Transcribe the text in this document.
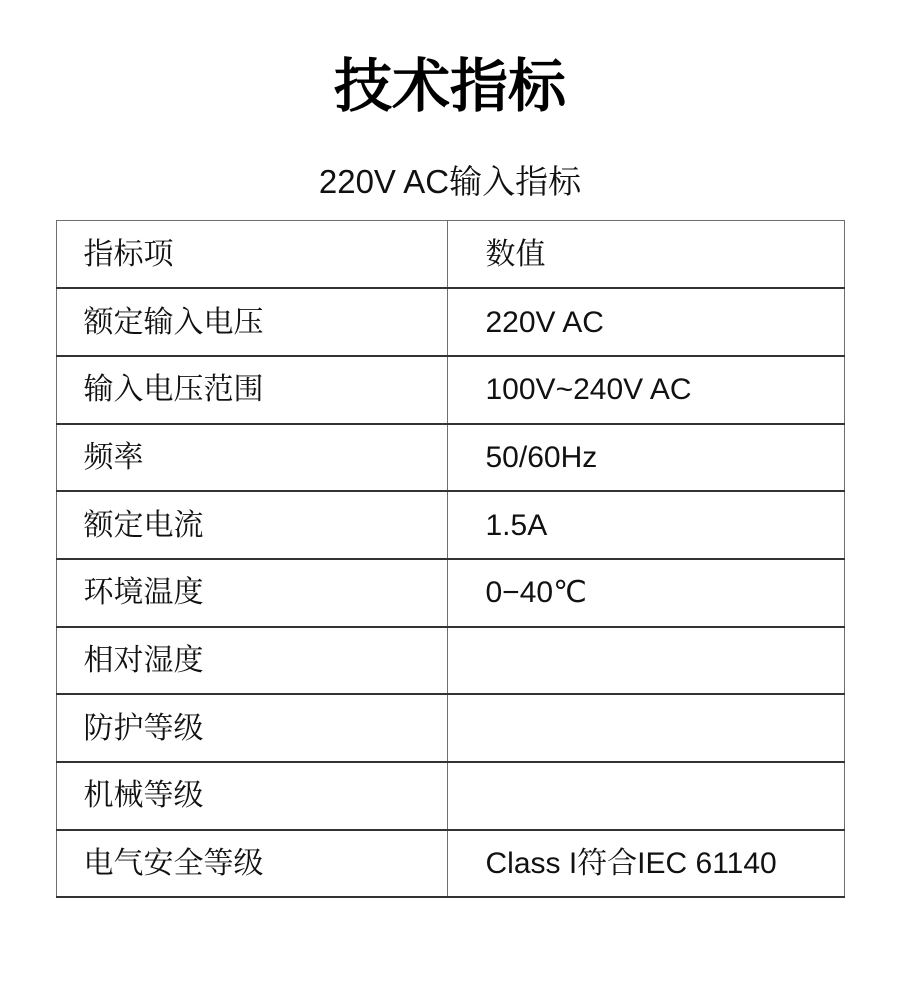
技术指标
220V AC输入指标
指标项	数值
额定输入电压	220V AC
输入电压范围	100V~240V AC
频率	50/60Hz
额定电流	1.5A
环境温度	0−40℃
相对湿度	
防护等级	
机械等级	
电气安全等级	Class I符合IEC 61140
